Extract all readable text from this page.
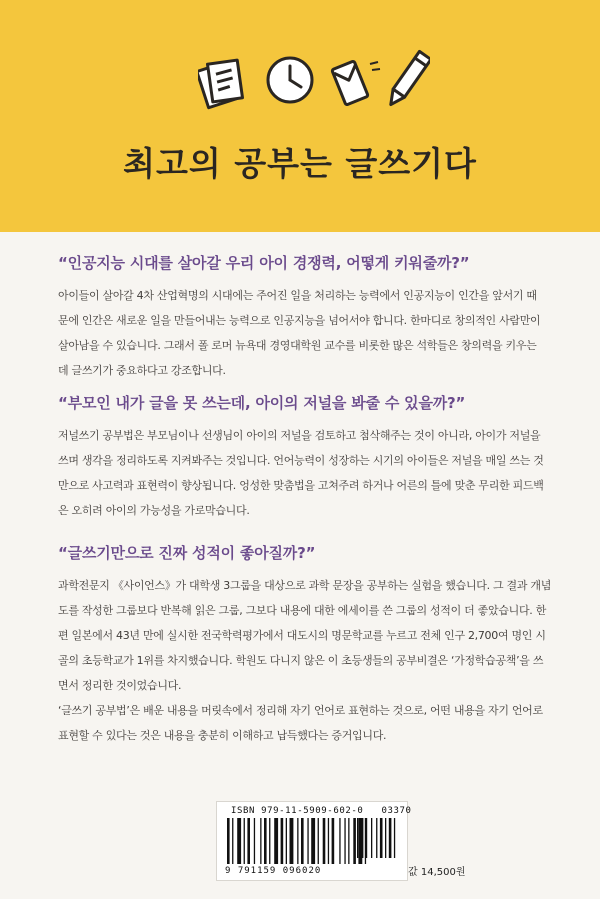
최고의 공부는 글쓰기다

“인공지능 시대를 살아갈 우리 아이 경쟁력, 어떻게 키워줄까?”

아이들이 살아갈 4차 산업혁명의 시대에는 주어진 일을 처리하는 능력에서 인공지능이 인간을 앞서기 때

문에 인간은 새로운 일을 만들어내는 능력으로 인공지능을 넘어서야 합니다. 한마디로 창의적인 사람만이

살아남을 수 있습니다. 그래서 폴 로머 뉴욕대 경영대학원 교수를 비롯한 많은 석학들은 창의력을 키우는

데 글쓰기가 중요하다고 강조합니다.

“부모인 내가 글을 못 쓰는데, 아이의 저널을 봐줄 수 있을까?”

저널쓰기 공부법은 부모님이나 선생님이 아이의 저널을 검토하고 첨삭해주는 것이 아니라, 아이가 저널을

쓰며 생각을 정리하도록 지켜봐주는 것입니다. 언어능력이 성장하는 시기의 아이들은 저널을 매일 쓰는 것

만으로 사고력과 표현력이 향상됩니다. 엉성한 맞춤법을 고쳐주려 하거나 어른의 틀에 맞춘 무리한 피드백

은 오히려 아이의 가능성을 가로막습니다.

“글쓰기만으로 진짜 성적이 좋아질까?”

과학전문지 《사이언스》가 대학생 3그룹을 대상으로 과학 문장을 공부하는 실험을 했습니다. 그 결과 개념

도를 작성한 그룹보다 반복해 읽은 그룹, 그보다 내용에 대한 에세이를 쓴 그룹의 성적이 더 좋았습니다. 한

편 일본에서 43년 만에 실시한 전국학력평가에서 대도시의 명문학교를 누르고 전체 인구 2,700여 명인 시

골의 초등학교가 1위를 차지했습니다. 학원도 다니지 않은 이 초등생들의 공부비결은 ‘가정학습공책’을 쓰

면서 정리한 것이었습니다.

‘글쓰기 공부법’은 배운 내용을 머릿속에서 정리해 자기 언어로 표현하는 것으로, 어떤 내용을 자기 언어로

표현할 수 있다는 것은 내용을 충분히 이해하고 납득했다는 증거입니다.

ISBN 979-11-5909-602-0 03370
9 791159 096020	값 14,500원
